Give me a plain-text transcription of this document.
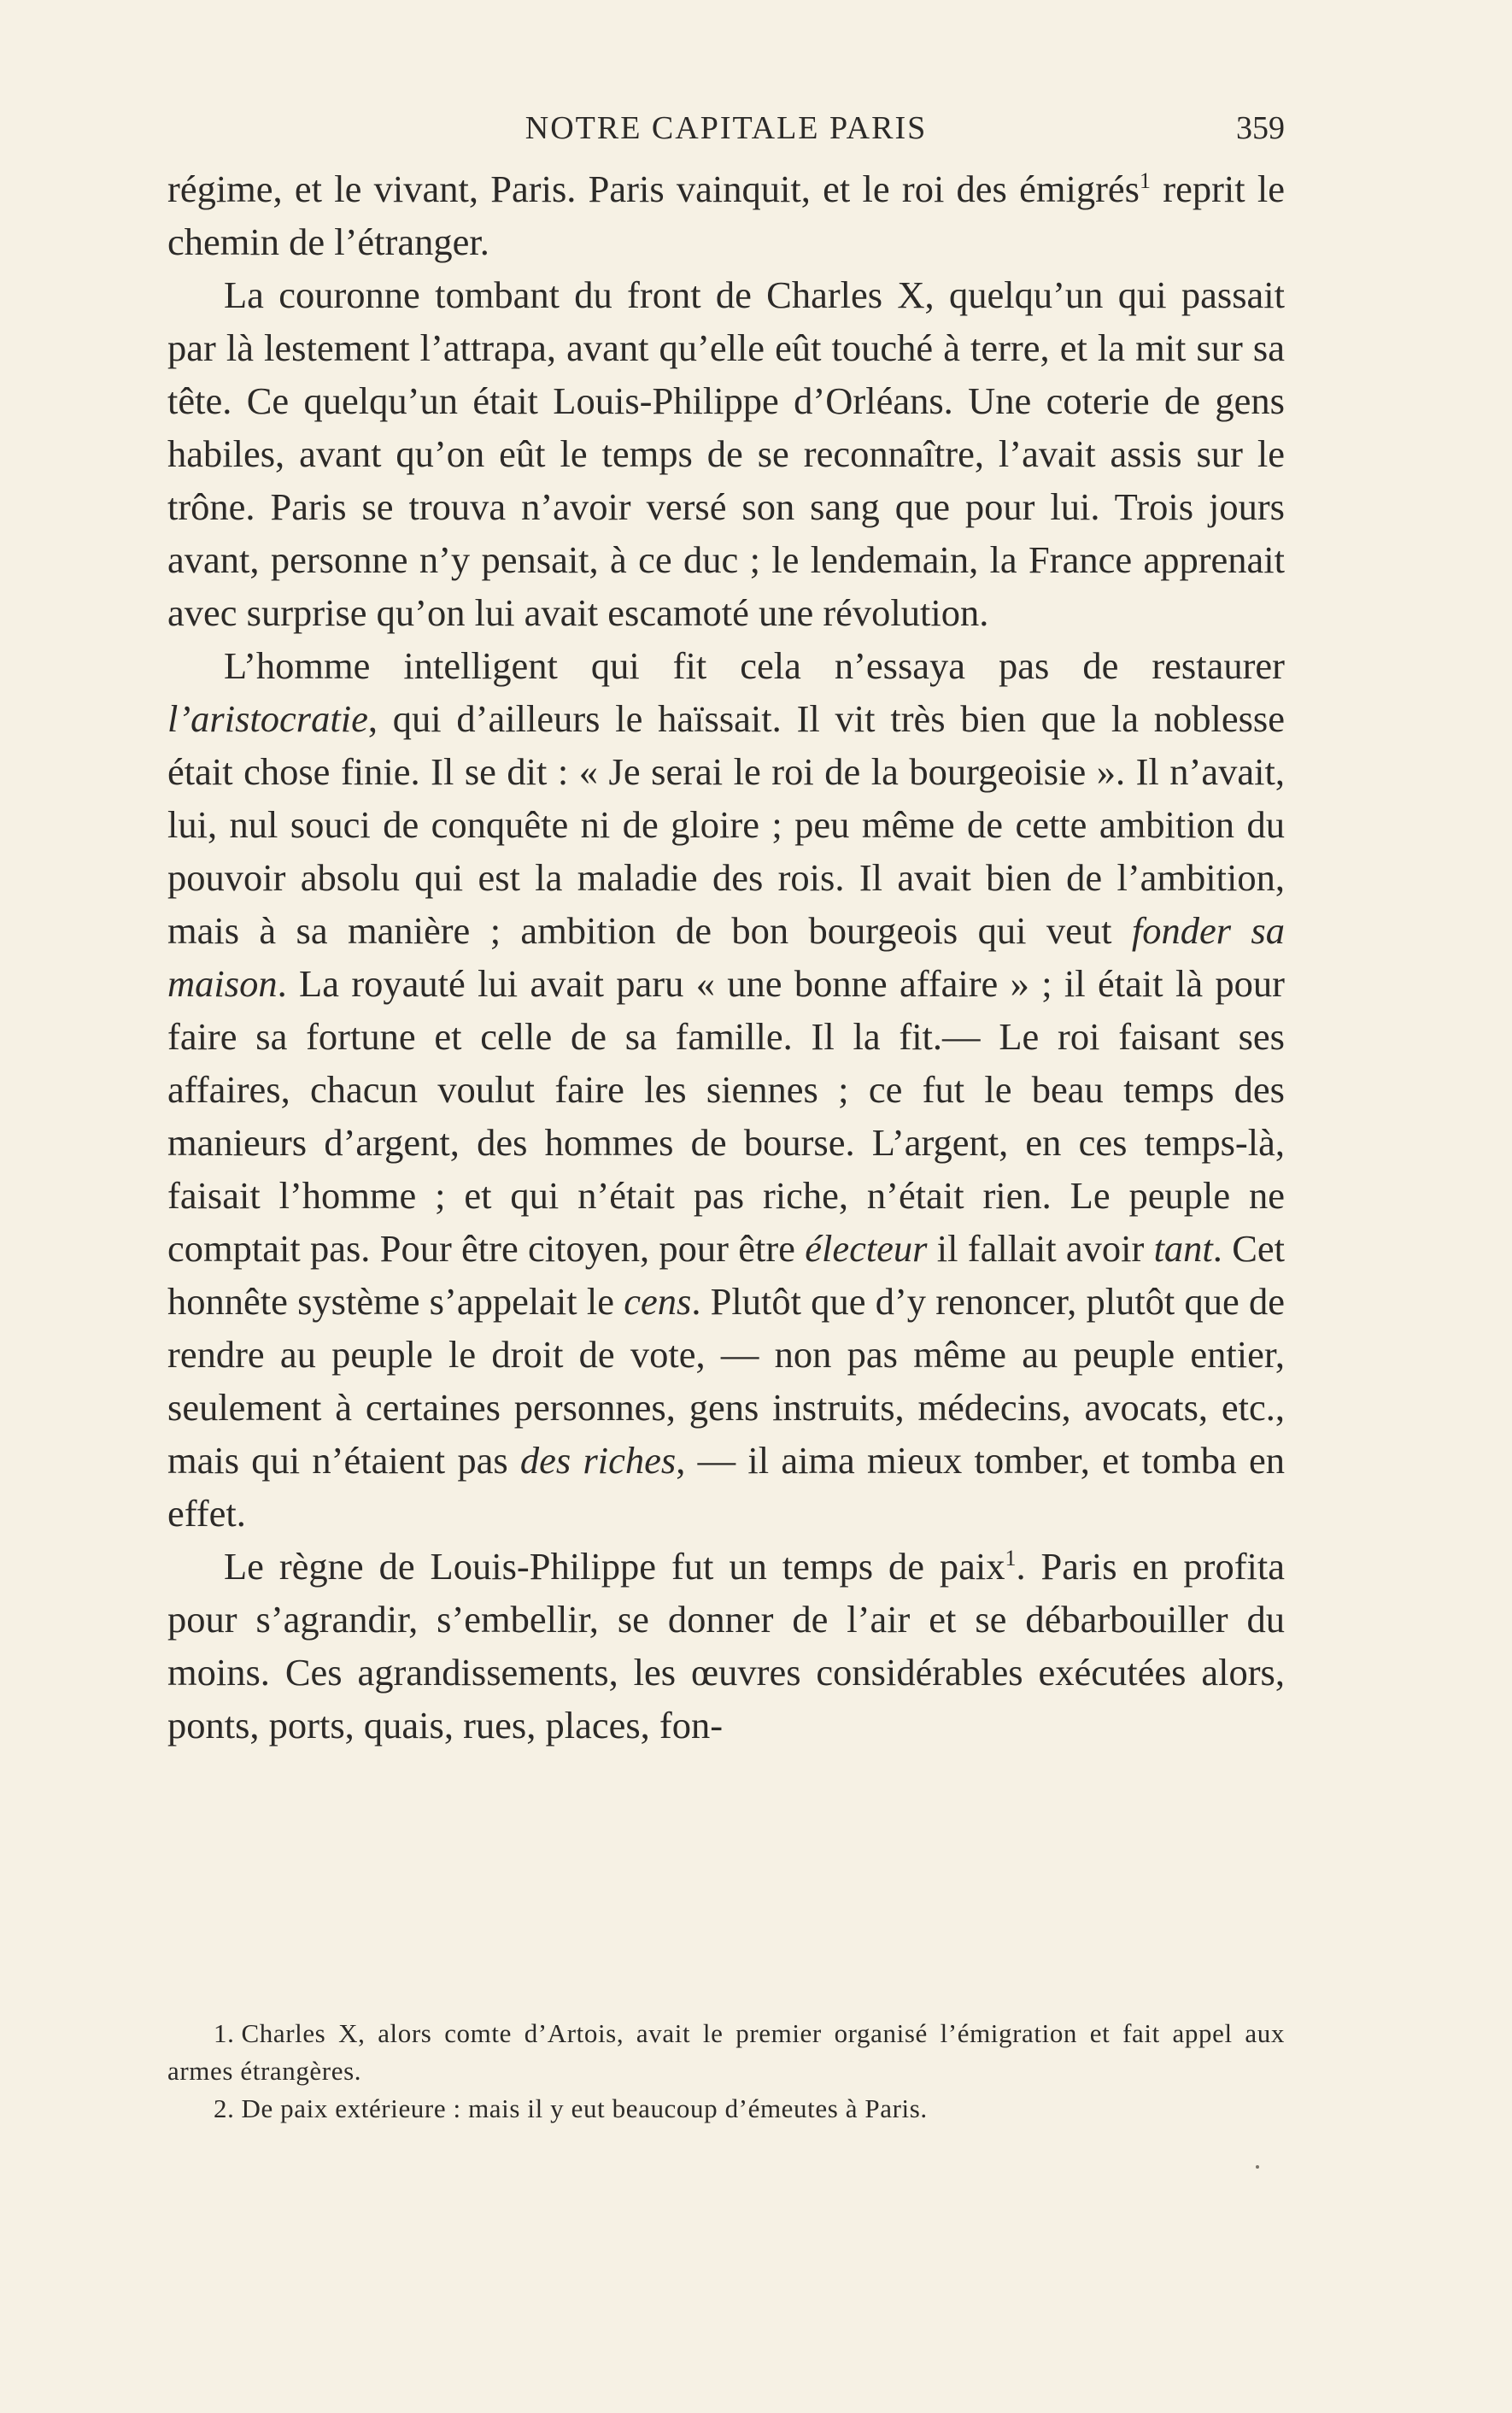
NOTRE CAPITALE PARIS	359

régime, et le vivant, Paris. Paris vainquit, et le roi des émigrés$^1$ reprit le chemin de l’étranger.

La couronne tombant du front de Charles X, quelqu’un qui passait par là lestement l’attrapa, avant qu’elle eût touché à terre, et la mit sur sa tête. Ce quelqu’un était Louis-Philippe d’Orléans. Une coterie de gens habiles, avant qu’on eût le temps de se reconnaître, l’avait assis sur le trône. Paris se trouva n’avoir versé son sang que pour lui. Trois jours avant, personne n’y pensait, à ce duc ; le lendemain, la France apprenait avec surprise qu’on lui avait escamoté une révolution.

L’homme intelligent qui fit cela n’essaya pas de restaurer l’aristocratie, qui d’ailleurs le haïssait. Il vit très bien que la noblesse était chose finie. Il se dit : « Je serai le roi de la bourgeoisie ». Il n’avait, lui, nul souci de conquête ni de gloire ; peu même de cette ambition du pouvoir absolu qui est la maladie des rois. Il avait bien de l’ambition, mais à sa manière ; ambition de bon bourgeois qui veut fonder sa maison. La royauté lui avait paru « une bonne affaire » ; il était là pour faire sa fortune et celle de sa famille. Il la fit.— Le roi faisant ses affaires, chacun voulut faire les siennes ; ce fut le beau temps des manieurs d’argent, des hommes de bourse. L’argent, en ces temps-là, faisait l’homme ; et qui n’était pas riche, n’était rien. Le peuple ne comptait pas. Pour être citoyen, pour être électeur il fallait avoir tant. Cet honnête système s’appelait le cens. Plutôt que d’y renoncer, plutôt que de rendre au peuple le droit de vote, — non pas même au peuple entier, seulement à certaines personnes, gens instruits, médecins, avocats, etc., mais qui n’étaient pas des riches, — il aima mieux tomber, et tomba en effet.

Le règne de Louis-Philippe fut un temps de paix$^1$. Paris en profita pour s’agrandir, s’embellir, se donner de l’air et se débarbouiller du moins. Ces agrandissements, les œuvres considérables exécutées alors, ponts, ports, quais, rues, places, fon-

1. Charles X, alors comte d’Artois, avait le premier organisé l’émigration et fait appel aux armes étrangères.

2. De paix extérieure : mais il y eut beaucoup d’émeutes à Paris.
